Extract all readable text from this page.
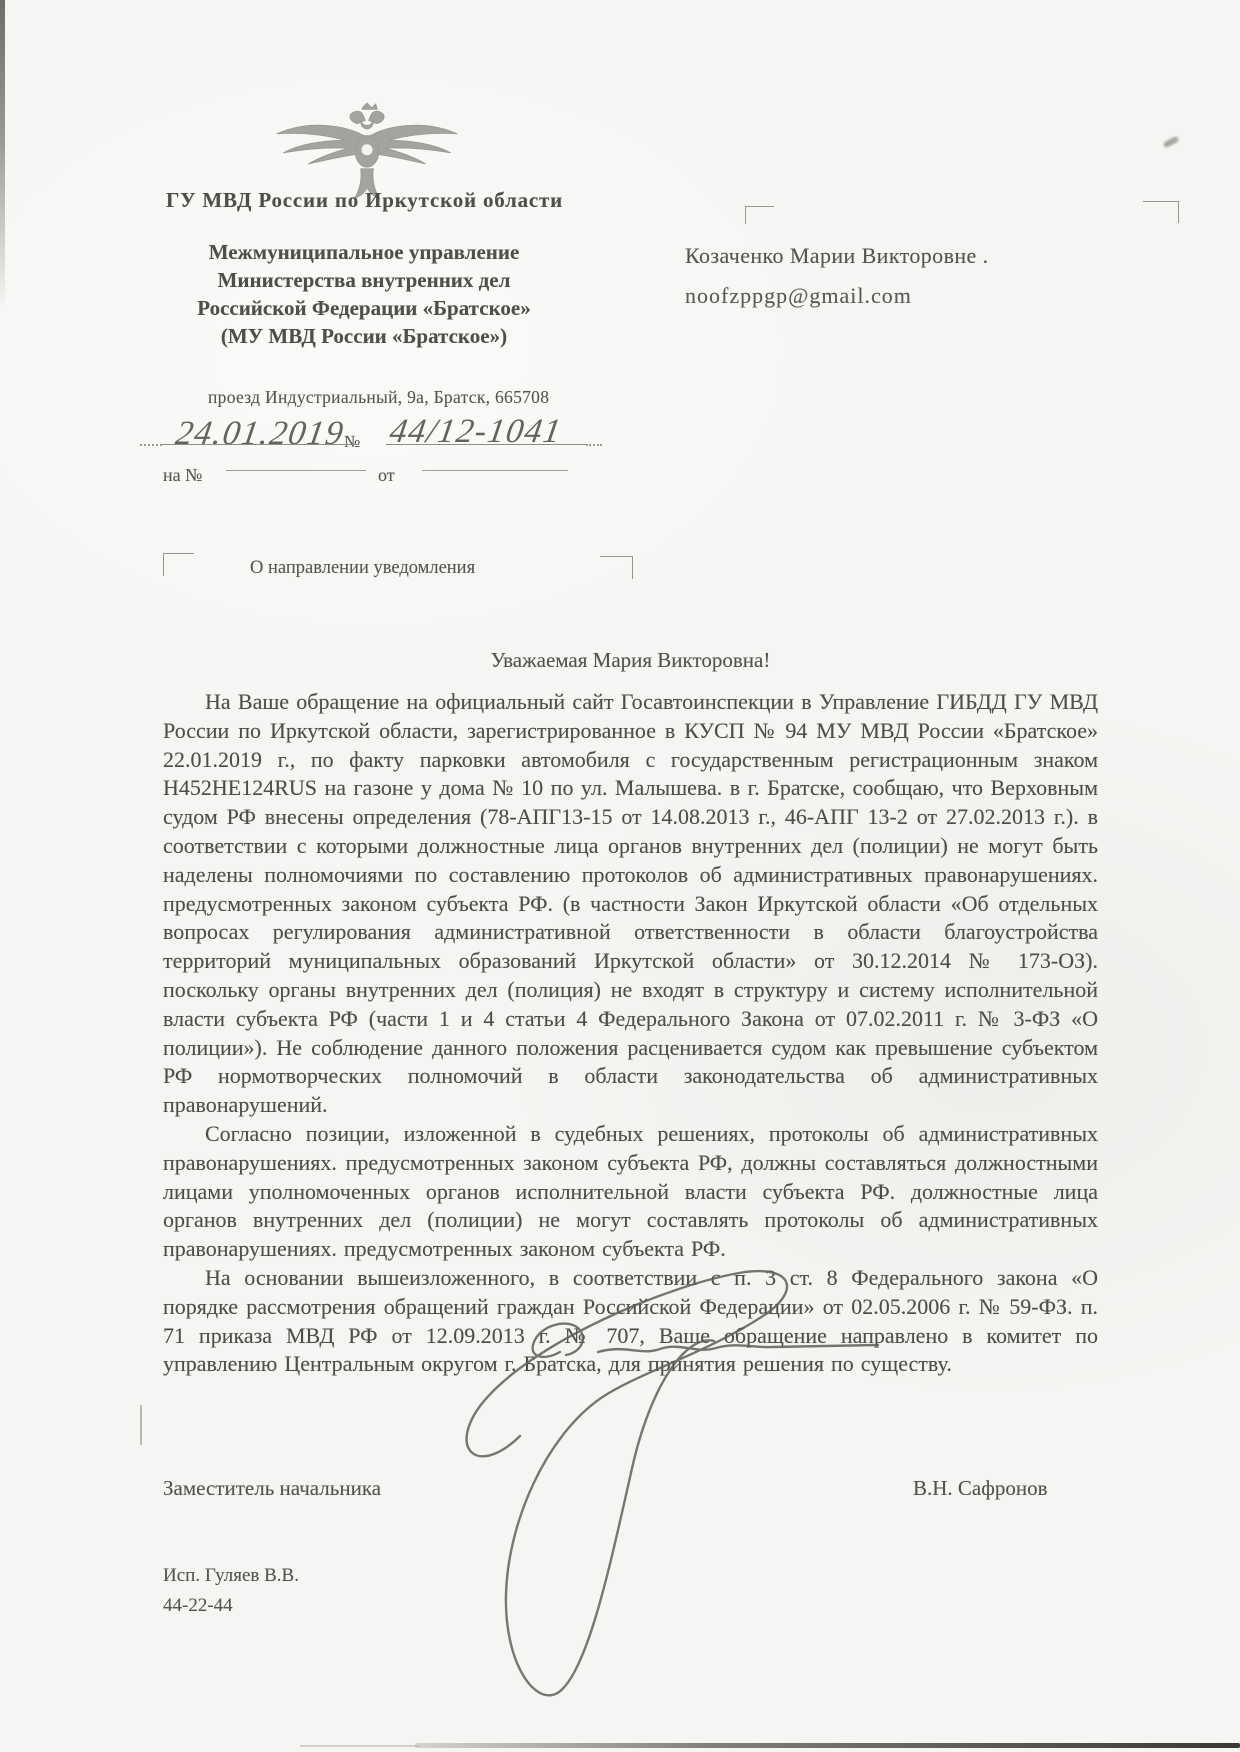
ГУ МВД России по Иркутской области
Межмуниципальное управление
Министерства внутренних дел
Российской Федерации «Братское»
(МУ МВД России «Братское»)
Козаченко Марии Викторовне .
noofzppgp@gmail.com
проезд Индустриальный, 9а, Братск, 665708
24.01.2019
№ 44/12-1041
на №	от
О направлении уведомления
Уважаемая Мария Викторовна!

На Ваше обращение на официальный сайт Госавтоинспекции в Управление ГИБДД ГУ МВД России по Иркутской области, зарегистрированное в КУСП № 94 МУ МВД России «Братское» 22.01.2019 г., по факту парковки автомобиля с государственным регистрационным знаком Н452НЕ124RUS на газоне у дома № 10 по ул. Малышева. в г. Братске, сообщаю, что Верховным судом РФ внесены определения (78-АПГ13-15 от 14.08.2013 г., 46-АПГ 13-2 от 27.02.2013 г.). в соответствии с которыми должностные лица органов внутренних дел (полиции) не могут быть наделены полномочиями по составлению протоколов об административных правонарушениях. предусмотренных законом субъекта РФ. (в частности Закон Иркутской области «Об отдельных вопросах регулирования административной ответственности в области благоустройства территорий муниципальных образований Иркутской области» от 30.12.2014 № 173-ОЗ). поскольку органы внутренних дел (полиция) не входят в структуру и систему исполнительной власти субъекта РФ (части 1 и 4 статьи 4 Федерального Закона от 07.02.2011 г. № 3-ФЗ «О полиции»). Не соблюдение данного положения расценивается судом как превышение субъектом РФ нормотворческих полномочий в области законодательства об административных правонарушений.

Согласно позиции, изложенной в судебных решениях, протоколы об административных правонарушениях. предусмотренных законом субъекта РФ, должны составляться должностными лицами уполномоченных органов исполнительной власти субъекта РФ. должностные лица органов внутренних дел (полиции) не могут составлять протоколы об административных правонарушениях. предусмотренных законом субъекта РФ.

На основании вышеизложенного, в соответствии с п. 3 ст. 8 Федерального закона «О порядке рассмотрения обращений граждан Российской Федерации» от 02.05.2006 г. № 59-ФЗ. п. 71 приказа МВД РФ от 12.09.2013 г. № 707, Ваше обращение направлено в комитет по управлению Центральным округом г. Братска, для принятия решения по существу.

Заместитель начальника	В.Н. Сафронов
Исп. Гуляев В.В.
44-22-44
